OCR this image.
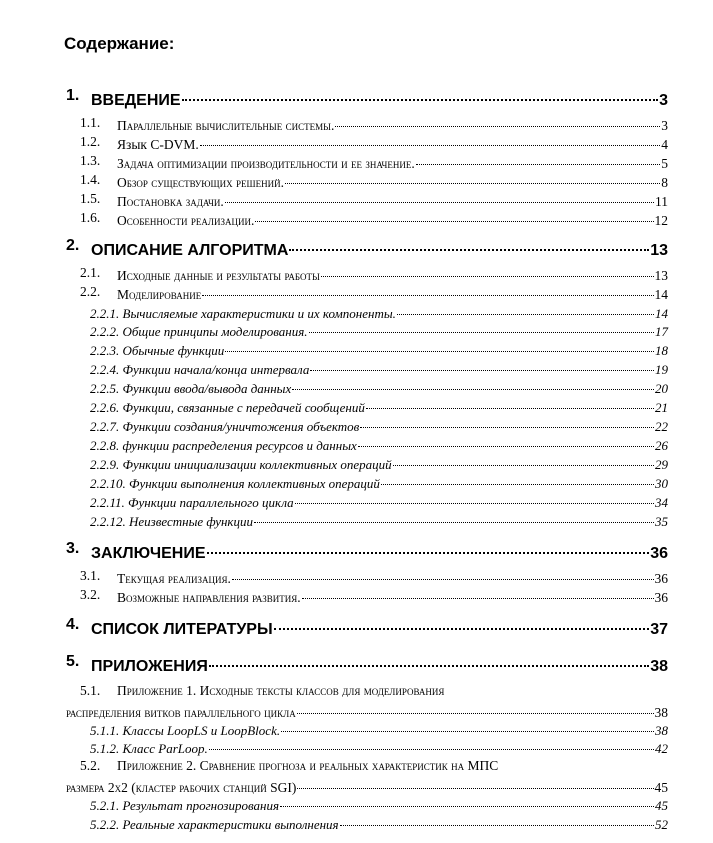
Содержание:
1. ВВЕДЕНИЕ	3
1.1. Параллельные вычислительные системы.	3
1.2. Язык C-DVM.	4
1.3. Задача оптимизации производительности и ее значение.	5
1.4. Обзор существующих решений.	8
1.5. Постановка задачи.	11
1.6. Особенности реализации.	12
2. ОПИСАНИЕ АЛГОРИТМА	13
2.1. Исходные данные и результаты работы	13
2.2. Моделирование	14
2.2.1. Вычисляемые характеристики и их компоненты.	14
2.2.2. Общие принципы моделирования.	17
2.2.3. Обычные функции	18
2.2.4. Функции начала/конца интервала	19
2.2.5. Функции ввода/вывода данных	20
2.2.6. Функции, связанные с передачей сообщений	21
2.2.7. Функции создания/уничтожения объектов	22
2.2.8. функции распределения ресурсов и данных	26
2.2.9. Функции инициализации коллективных операций	29
2.2.10. Функции выполнения коллективных операций	30
2.2.11. Функции параллельного цикла	34
2.2.12. Неизвестные функции	35
3. ЗАКЛЮЧЕНИЕ	36
3.1. Текущая реализация.	36
3.2. Возможные направления развития.	36
4. СПИСОК ЛИТЕРАТУРЫ	37
5. ПРИЛОЖЕНИЯ	38
5.1. Приложение 1. Исходные тексты классов для моделирования
распределения витков параллельного цикла	38
5.1.1. Классы LoopLS и LoopBlock.	38
5.1.2. Класс ParLoop.	42
5.2. Приложение 2. Сравнение прогноза и реальных характеристик на МПС
размера 2x2 (кластер рабочих станций SGI)	45
5.2.1. Результат прогнозирования	45
5.2.2. Реальные характеристики выполнения	52
